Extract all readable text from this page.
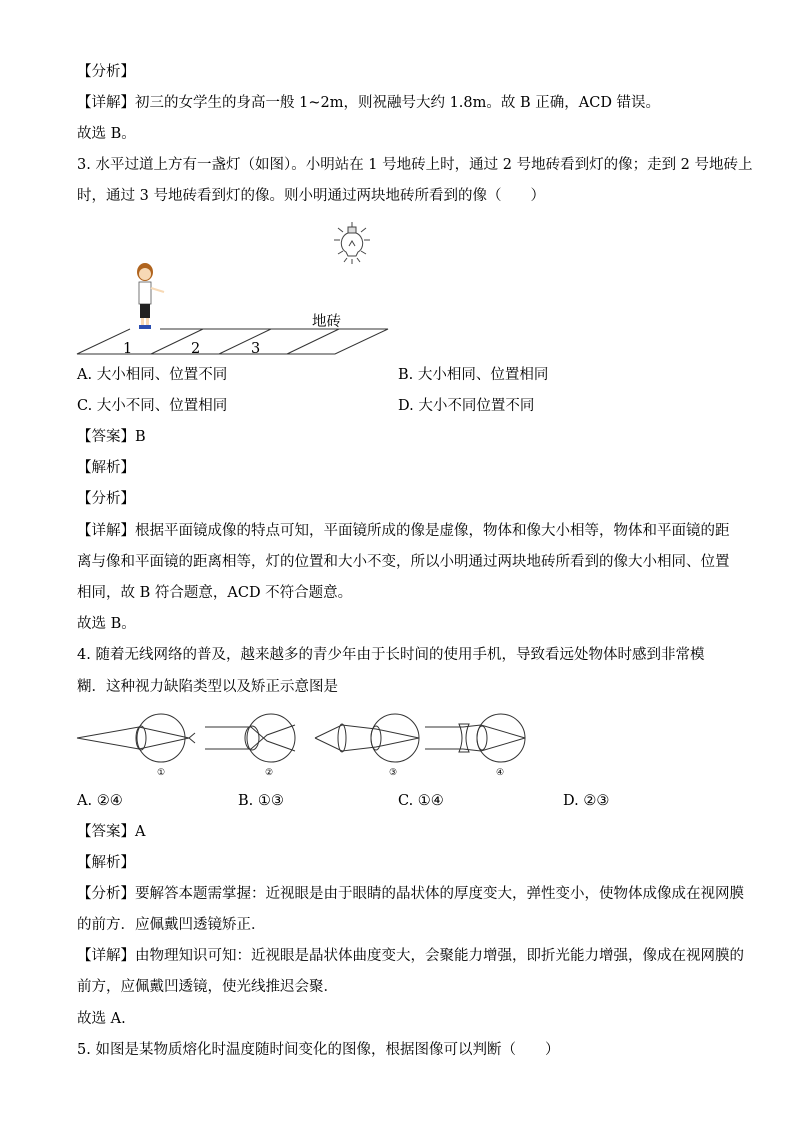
【分析】
【详解】初三的女学生的身高一般 1~2m，则祝融号大约 1.8m。故 B 正确，ACD 错误。
故选 B。
3. 水平过道上方有一盏灯（如图）。小明站在 1 号地砖上时，通过 2 号地砖看到灯的像；走到 2 号地砖上
时，通过 3 号地砖看到灯的像。则小明通过两块地砖所看到的像（　　）
地砖
1	2	3
A. 大小相同、位置不同	B. 大小相同、位置相同
C. 大小不同、位置相同	D. 大小不同位置不同
【答案】B
【解析】
【分析】
【详解】根据平面镜成像的特点可知，平面镜所成的像是虚像，物体和像大小相等，物体和平面镜的距
离与像和平面镜的距离相等，灯的位置和大小不变，所以小明通过两块地砖所看到的像大小相同、位置
相同，故 B 符合题意，ACD 不符合题意。
故选 B。
4. 随着无线网络的普及，越来越多的青少年由于长时间的使用手机，导致看远处物体时感到非常模
糊．这种视力缺陷类型以及矫正示意图是
①	②	③	④
A. ②④	B. ①③	C. ①④	D. ②③
【答案】A
【解析】
【分析】要解答本题需掌握：近视眼是由于眼睛的晶状体的厚度变大，弹性变小，使物体成像成在视网膜
的前方．应佩戴凹透镜矫正．
【详解】由物理知识可知：近视眼是晶状体曲度变大，会聚能力增强，即折光能力增强，像成在视网膜的
前方，应佩戴凹透镜，使光线推迟会聚．
故选 A.
5. 如图是某物质熔化时温度随时间变化的图像，根据图像可以判断（　　）
